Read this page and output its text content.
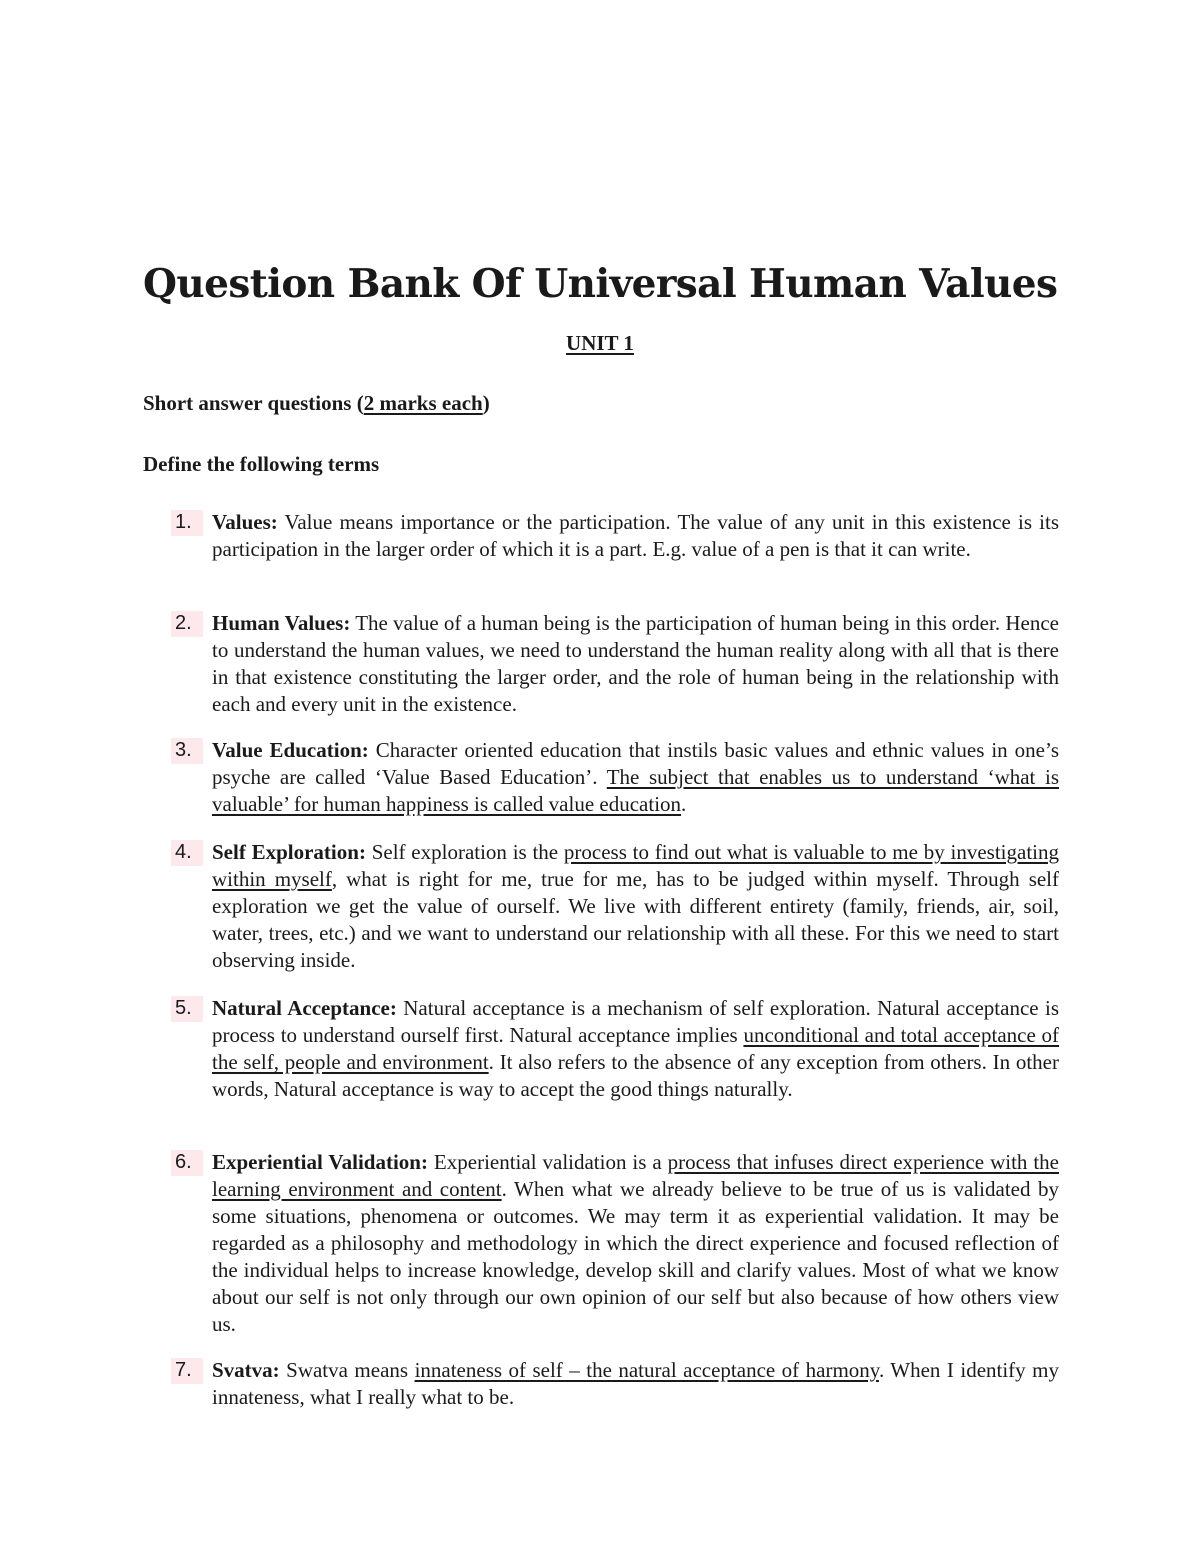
Question Bank Of Universal Human Values
UNIT 1
Short answer questions (2 marks each)
Define the following terms
1. Values: Value means importance or the participation. The value of any unit in this existence is its participation in the larger order of which it is a part. E.g. value of a pen is that it can write.
2. Human Values: The value of a human being is the participation of human being in this order. Hence to understand the human values, we need to understand the human reality along with all that is there in that existence constituting the larger order, and the role of human being in the relationship with each and every unit in the existence.
3. Value Education: Character oriented education that instils basic values and ethnic values in one’s psyche are called ‘Value Based Education’. The subject that enables us to understand ‘what is valuable’ for human happiness is called value education.
4. Self Exploration: Self exploration is the process to find out what is valuable to me by investigating within myself, what is right for me, true for me, has to be judged within myself. Through self exploration we get the value of ourself. We live with different entirety (family, friends, air, soil, water, trees, etc.) and we want to understand our relationship with all these. For this we need to start observing inside.
5. Natural Acceptance: Natural acceptance is a mechanism of self exploration. Natural acceptance is process to understand ourself first. Natural acceptance implies unconditional and total acceptance of the self, people and environment. It also refers to the absence of any exception from others. In other words, Natural acceptance is way to accept the good things naturally.
6. Experiential Validation: Experiential validation is a process that infuses direct experience with the learning environment and content. When what we already believe to be true of us is validated by some situations, phenomena or outcomes. We may term it as experiential validation. It may be regarded as a philosophy and methodology in which the direct experience and focused reflection of the individual helps to increase knowledge, develop skill and clarify values. Most of what we know about our self is not only through our own opinion of our self but also because of how others view us.
7. Svatva: Swatva means innateness of self – the natural acceptance of harmony. When I identify my innateness, what I really what to be.
